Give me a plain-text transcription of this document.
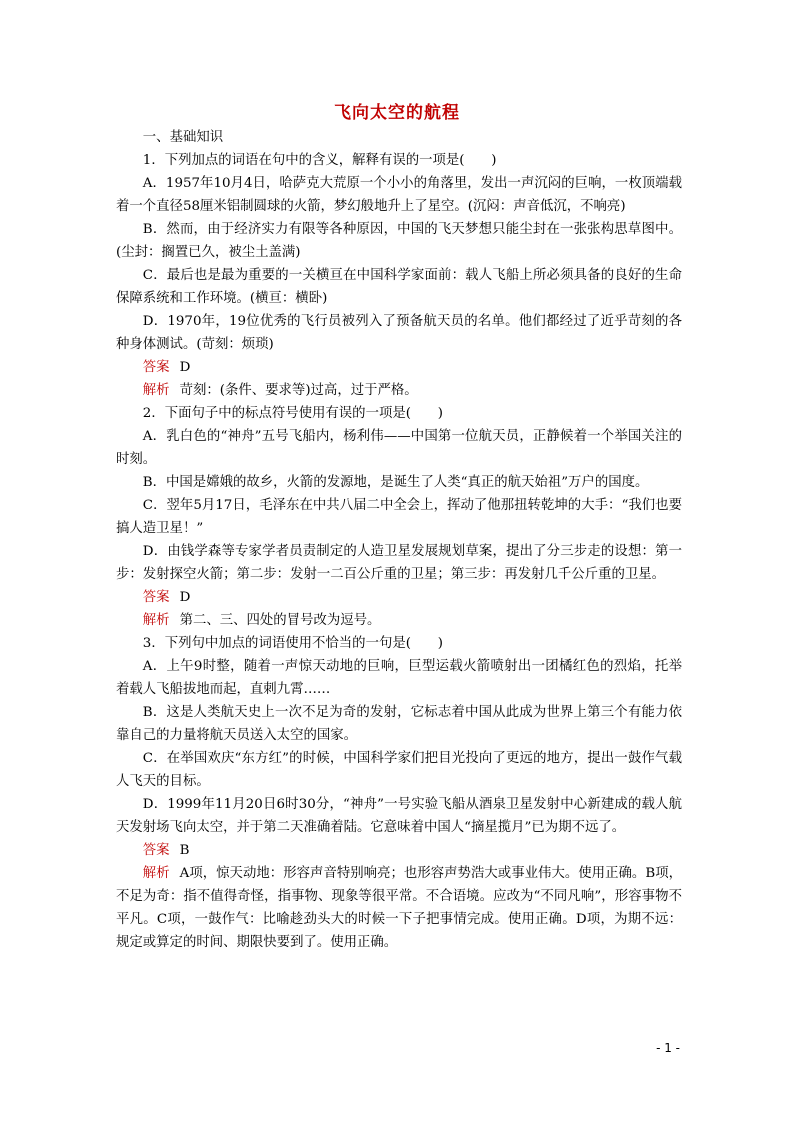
飞向太空的航程

一、基础知识

1．下列加点的词语在句中的含义，解释有误的一项是(　　)

A．1957年10月4日，哈萨克大荒原一个小小的角落里，发出一声沉闷的巨响，一枚顶端载着一个直径58厘米铝制圆球的火箭，梦幻般地升上了星空。(沉闷：声音低沉，不响亮)

B．然而，由于经济实力有限等各种原因，中国的飞天梦想只能尘封在一张张构思草图中。(尘封：搁置已久，被尘土盖满)

C．最后也是最为重要的一关横亘在中国科学家面前：载人飞船上所必须具备的良好的生命保障系统和工作环境。(横亘：横卧)

D．1970年，19位优秀的飞行员被列入了预备航天员的名单。他们都经过了近乎苛刻的各种身体测试。(苛刻：烦琐)

答案 D

解析 苛刻：(条件、要求等)过高，过于严格。

2．下面句子中的标点符号使用有误的一项是(　　)

A．乳白色的“神舟”五号飞船内，杨利伟——中国第一位航天员，正静候着一个举国关注的时刻。

B．中国是嫦娥的故乡，火箭的发源地，是诞生了人类“真正的航天始祖”万户的国度。

C．翌年5月17日，毛泽东在中共八届二中全会上，挥动了他那扭转乾坤的大手：“我们也要搞人造卫星！”

D．由钱学森等专家学者员责制定的人造卫星发展规划草案，提出了分三步走的设想：第一步：发射探空火箭；第二步：发射一二百公斤重的卫星；第三步：再发射几千公斤重的卫星。

答案 D

解析 第二、三、四处的冒号改为逗号。

3．下列句中加点的词语使用不恰当的一句是(　　)

A．上午9时整，随着一声惊天动地的巨响，巨型运载火箭喷射出一团橘红色的烈焰，托举着载人飞船拔地而起，直刺九霄……

B．这是人类航天史上一次不足为奇的发射，它标志着中国从此成为世界上第三个有能力依靠自己的力量将航天员送入太空的国家。

C．在举国欢庆“东方红”的时候，中国科学家们把目光投向了更远的地方，提出一鼓作气载人飞天的目标。

D．1999年11月20日6时30分，“神舟”一号实验飞船从酒泉卫星发射中心新建成的载人航天发射场飞向太空，并于第二天准确着陆。它意味着中国人“摘星揽月”已为期不远了。

答案 B

解析 A项，惊天动地：形容声音特别响亮；也形容声势浩大或事业伟大。使用正确。B项，不足为奇：指不值得奇怪，指事物、现象等很平常。不合语境。应改为“不同凡响”，形容事物不平凡。C项，一鼓作气：比喻趁劲头大的时候一下子把事情完成。使用正确。D项，为期不远：规定或算定的时间、期限快要到了。使用正确。

- 1 -
